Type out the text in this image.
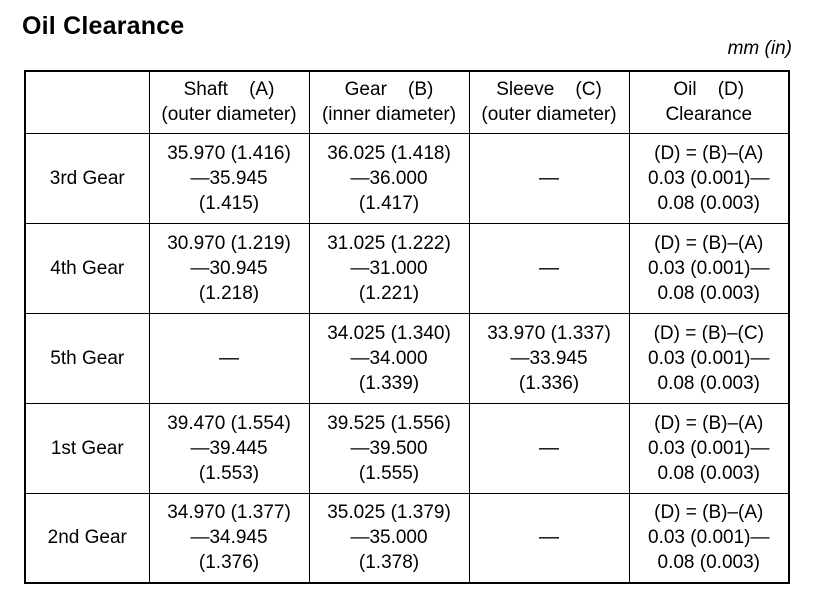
Oil Clearance
mm (in)

	Shaft    (A)
(outer diameter)	Gear    (B)
(inner diameter)	Sleeve    (C)
(outer diameter)	Oil    (D)
Clearance

3rd Gear	35.970 (1.416)
—35.945
(1.415)	36.025 (1.418)
—36.000
(1.417)	—	(D) = (B)–(A)
0.03 (0.001)—
0.08 (0.003)

4th Gear	30.970 (1.219)
—30.945
(1.218)	31.025 (1.222)
—31.000
(1.221)	—	(D) = (B)–(A)
0.03 (0.001)—
0.08 (0.003)

5th Gear	—	34.025 (1.340)
—34.000
(1.339)	33.970 (1.337)
—33.945
(1.336)	(D) = (B)–(C)
0.03 (0.001)—
0.08 (0.003)

1st Gear	39.470 (1.554)
—39.445
(1.553)	39.525 (1.556)
—39.500
(1.555)	—	(D) = (B)–(A)
0.03 (0.001)—
0.08 (0.003)

2nd Gear	34.970 (1.377)
—34.945
(1.376)	35.025 (1.379)
—35.000
(1.378)	—	(D) = (B)–(A)
0.03 (0.001)—
0.08 (0.003)
